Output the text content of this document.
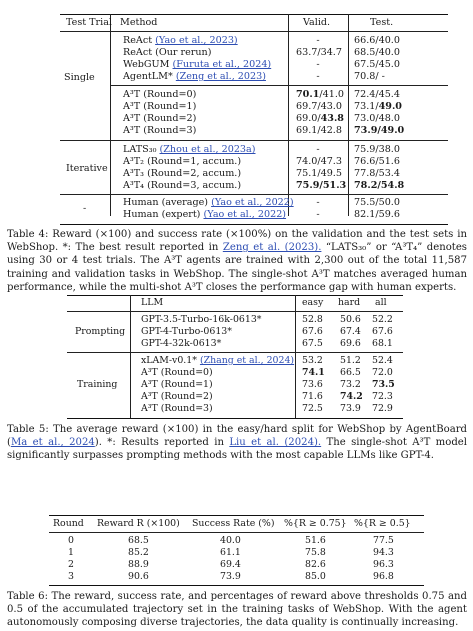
Test Trial Method	Valid.	Test.
Single
ReAct (Yao et al., 2023)	-	66.6/40.0
ReAct (Our rerun)	63.7/34.7 68.5/40.0
WebGUM (Furuta et al., 2024)	-	67.5/45.0
AgentLM* (Zeng et al., 2023)	-	70.8/ -
A³T (Round=0)	70.1/41.0 72.4/45.4
A³T (Round=1)	69.7/43.0 73.1/49.0
A³T (Round=2)	69.0/43.8 73.0/48.0
A³T (Round=3)	69.1/42.8 73.9/49.0
Iterative
LATS₃₀ (Zhou et al., 2023a)	-	75.9/38.0
A³T₂ (Round=1, accum.)	74.0/47.3 76.6/51.6
A³T₃ (Round=2, accum.)	75.1/49.5 77.8/53.4
A³T₄ (Round=3, accum.)	75.9/51.3 78.2/54.8
-
Human (average) (Yao et al., 2022)	-	75.5/50.0
Human (expert) (Yao et al., 2022)	-	82.1/59.6

Table 4: Reward (×100) and success rate (×100%) on the validation and the test sets in WebShop. *: The best result reported in Zeng et al. (2023). “LATS₃₀” or “A³T₄” denotes using 30 or 4 test trials. The A³T agents are trained with 2,300 out of the total 11,587 training and validation tasks in WebShop. The single-shot A³T matches averaged human performance, while the multi-shot A³T closes the performance gap with human experts.

LLM	easy hard all
Prompting
GPT-3.5-Turbo-16k-0613*	52.8 50.6 52.2
GPT-4-Turbo-0613*	67.6 67.4 67.6
GPT-4-32k-0613*	67.5 69.6 68.1
Training
xLAM-v0.1* (Zhang et al., 2024) 53.2 51.2 52.4
A³T (Round=0)	74.1 66.5 72.0
A³T (Round=1)	73.6 73.2 73.5
A³T (Round=2)	71.6 74.2 72.3
A³T (Round=3)	72.5 73.9 72.9

Table 5: The average reward (×100) in the easy/hard split for WebShop by AgentBoard (Ma et al., 2024). *: Results reported in Liu et al. (2024). The single-shot A³T model significantly surpasses prompting methods with the most capable LLMs like GPT-4.

Round Reward R (×100) Success Rate (%) %{R ≥ 0.75} %{R ≥ 0.5}
0	68.5	40.0	51.6	77.5
1	85.2	61.1	75.8	94.3
2	88.9	69.4	82.6	96.3
3	90.6	73.9	85.0	96.8

Table 6: The reward, success rate, and percentages of reward above thresholds 0.75 and 0.5 of the accumulated trajectory set in the training tasks of WebShop. With the agent autonomously composing diverse trajectories, the data quality is continually increasing.
